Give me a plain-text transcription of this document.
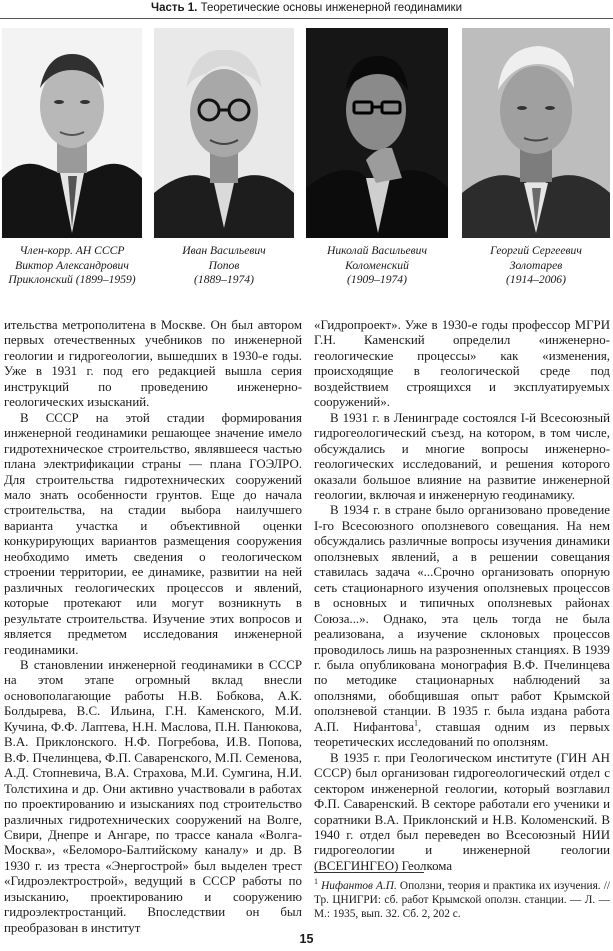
Часть 1. Теоретические основы инженерной геодинамики
Член-корр. АН СССР
Виктор Александрович
Приклонский (1899–1959)
Иван Васильевич
Попов
(1889–1974)
Николай Васильевич
Коломенский
(1909–1974)
Георгий Сергеевич
Золотарев
(1914–2006)

ительства метрополитена в Москве. Он был автором первых отечественных учебников по инженерной геологии и гидрогеологии, вышедших в 1930-е годы. Уже в 1931 г. под его редакцией вышла серия инструкций по проведению инженерно-геологических изысканий.

В СССР на этой стадии формирования инженерной геодинамики решающее значение имело гидротехническое строительство, являвшееся частью плана электрификации страны — плана ГОЭЛРО. Для строительства гидротехнических сооружений мало знать особенности грунтов. Еще до начала строительства, на стадии выбора наилучшего варианта участка и объективной оценки конкурирующих вариантов размещения сооружения необходимо иметь сведения о геологическом строении территории, ее динамике, развитии на ней различных геологических процессов и явлений, которые протекают или могут возникнуть в результате строительства. Изучение этих вопросов и является предметом исследования инженерной геодинамики.

В становлении инженерной геодинамики в СССР на этом этапе огромный вклад внесли основополагающие работы Н.В. Бобкова, А.К. Болдырева, В.С. Ильина, Г.Н. Каменского, М.И. Кучина, Ф.Ф. Лаптева, Н.Н. Маслова, П.Н. Панюкова, В.А. Приклонского. Н.Ф. Погребова, И.В. Попова, В.Ф. Пчелинцева, Ф.П. Саваренского, М.П. Семенова, А.Д. Стопневича, В.А. Страхова, М.И. Сумгина, Н.И. Толстихина и др. Они активно участвовали в работах по проектированию и изысканиях под строительство различных гидротехнических сооружений на Волге, Свири, Днепре и Ангаре, по трассе канала «Волга-Москва», «Беломоро-Балтийскому каналу» и др. В 1930 г. из треста «Энергострой» был выделен трест «Гидроэлектрострой», ведущий в СССР работы по изысканию, проектированию и сооружению гидроэлектростанций. Впоследствии он был преобразован в институт

«Гидропроект». Уже в 1930-е годы профессор МГРИ Г.Н. Каменский определил «инженерно-геологические процессы» как «изменения, происходящие в геологической среде под воздействием строящихся и эксплуатируемых сооружений».

В 1931 г. в Ленинграде состоялся I-й Всесоюзный гидрогеологический съезд, на котором, в том числе, обсуждались и многие вопросы инженерно-геологических исследований, и решения которого оказали большое влияние на развитие инженерной геологии, включая и инженерную геодинамику.

В 1934 г. в стране было организовано проведение I-го Всесоюзного оползневого совещания. На нем обсуждались различные вопросы изучения динамики оползневых явлений, а в решении совещания ставилась задача «...Срочно организовать опорную сеть стационарного изучения оползневых процессов в основных и типичных оползневых районах Союза...». Однако, эта цель тогда не была реализована, а изучение склоновых процессов проводилось лишь на разрозненных станциях. В 1939 г. была опубликована монография В.Ф. Пчелинцева по методике стационарных наблюдений за оползнями, обобщившая опыт работ Крымской оползневой станции. В 1935 г. была издана работа А.П. Нифантова$^1$, ставшая одним из первых теоретических исследований по оползням.

В 1935 г. при Геологическом институте (ГИН АН СССР) был организован гидрогеологический отдел с сектором инженерной геологии, который возглавил Ф.П. Саваренский. В секторе работали его ученики и соратники В.А. Приклонский и Н.В. Коломенский. В 1940 г. отдел был переведен во Всесоюзный НИИ гидрогеологии и инженерной геологии (ВСЕГИНГЕО) Геолкома

$^1$ Нифантов А.П. Оползни, теория и практика их изучения. // Тр. ЦНИГРИ: сб. работ Крымской оползн. станции. — Л. — М.: 1935, вып. 32. Сб. 2, 202 с.
15
